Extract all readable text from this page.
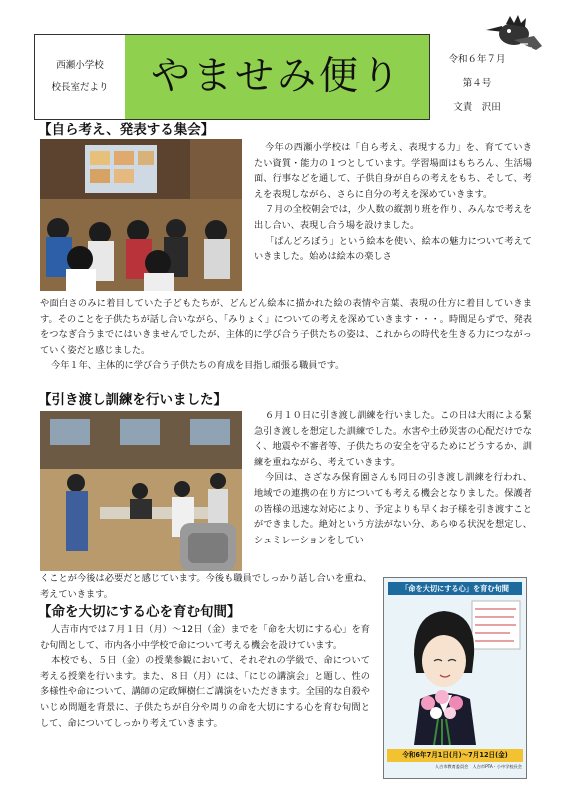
西瀬小学校
校長室だより	やませみ便り	令和６年７月
第４号
文責　沢田
【自ら考え、発表する集会】

今年の西瀬小学校は「自ら考え、表現する力」を、育てていきたい資質・能力の１つとしています。学習場面はもちろん、生活場面、行事などを通して、子供自身が自らの考えをもち、そして、考えを表現しながら、さらに自分の考えを深めていきます。

７月の全校朝会では，少人数の縦割り班を作り、みんなで考えを出し合い、表現し合う場を設けました。

「ぱんどろぼう」という絵本を使い、絵本の魅力について考えていきました。始めは絵本の楽しさ

や面白さのみに着目していた子どもたちが、どんどん絵本に描かれた絵の表情や言葉、表現の仕方に着目していきます。そのことを子供たちが話し合いながら、「みりょく」についての考えを深めていきます・・・。時間足らずで、発表をつなぎ合うまでにはいきませんでしたが、主体的に学び合う子供たちの姿は、これからの時代を生きる力につながっていく姿だと感じました。

今年１年、主体的に学び合う子供たちの育成を目指し頑張る職員です。

【引き渡し訓練を行いました】

６月１０日に引き渡し訓練を行いました。この日は大雨による緊急引き渡しを想定した訓練でした。水害や土砂災害の心配だけでなく、地震や不審者等、子供たちの安全を守るためにどうするか、訓練を重ねながら、考えていきます。

今回は、さざなみ保育園さんも同日の引き渡し訓練を行われ、地域での連携の在り方についても考える機会となりました。保護者の皆様の迅速な対応により、予定よりも早くお子様を引き渡すことができました。絶対という方法がない分、あらゆる状況を想定し、シュミレーションをしてい

くことが今後は必要だと感じています。今後も職員でしっかり話し合いを重ね、考えていきます。

【命を大切にする心を育む旬間】

人吉市内では７月１日（月）～12日（金）までを「命を大切にする心」を育む旬間として、市内各小中学校で命について考える機会を設けています。

本校でも、５日（金）の授業参観において、それぞれの学級で、命について考える授業を行います。また、８日（月）には、「にじの講演会」と題し、性の多様性や命について、講師の定政輝樹仁ご講演をいただきます。全国的な自殺やいじめ問題を背景に、子供たちが自分や周りの命を大切にする心を育む旬間として、命についてしっかり考えていきます。

「命を大切にする心」を育む旬間
令和6年7月1日(月)～7月12日(金)
人吉市教育委員会　人吉市PTA・小中学校長会
